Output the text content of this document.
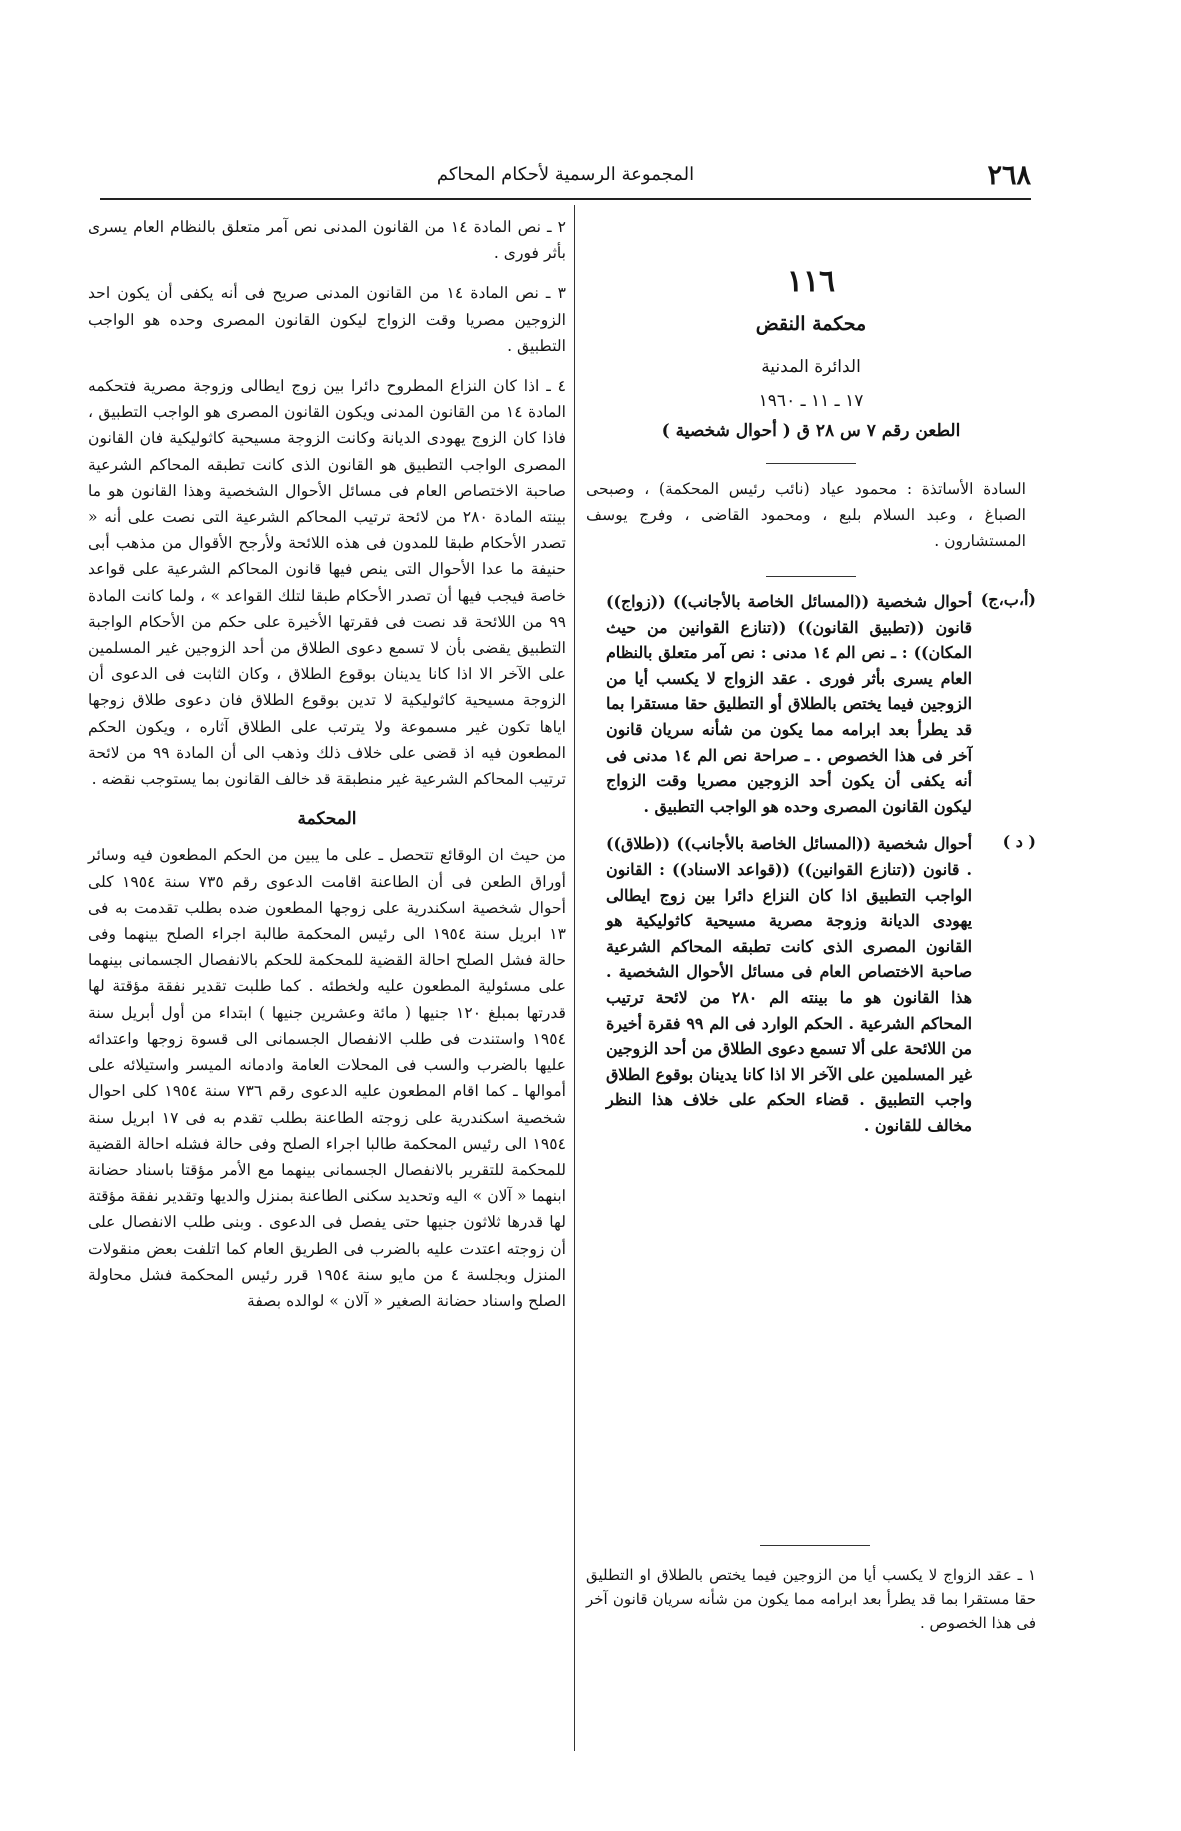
٢٦٨
المجموعة الرسمية لأحكام المحاكم
١١٦
محكمة النقض
الدائرة المدنية
١٧ ـ ١١ ـ ١٩٦٠
الطعن رقم ٧ س ٢٨ ق ( أحوال شخصية )
السادة الأساتذة : محمود عياد (نائب رئيس المحكمة) ، وصبحى الصباغ ، وعبد السلام بلبع ، ومحمود القاضى ، وفرج يوسف المستشارون .
(أ،ب،ج)
أحوال شخصية ((المسائل الخاصة بالأجانب)) ((زواج)) قانون ((تطبيق القانون)) ((تنازع القوانين من حيث المكان)) : ـ نص الم ١٤ مدنى : نص آمر متعلق بالنظام العام يسرى بأثر فورى . عقد الزواج لا يكسب أيا من الزوجين فيما يختص بالطلاق أو التطليق حقا مستقرا بما قد يطرأ بعد ابرامه مما يكون من شأنه سريان قانون آخر فى هذا الخصوص . ـ صراحة نص الم ١٤ مدنى فى أنه يكفى أن يكون أحد الزوجين مصريا وقت الزواج ليكون القانون المصرى وحده هو الواجب التطبيق .
( د )
أحوال شخصية ((المسائل الخاصة بالأجانب)) ((طلاق)) . قانون ((تنازع القوانين)) ((قواعد الاسناد)) : القانون الواجب التطبيق اذا كان النزاع دائرا بين زوج ايطالى يهودى الديانة وزوجة مصرية مسيحية كاثوليكية هو القانون المصرى الذى كانت تطبقه المحاكم الشرعية صاحبة الاختصاص العام فى مسائل الأحوال الشخصية . هذا القانون هو ما بينته الم ٢٨٠ من لائحة ترتيب المحاكم الشرعية . الحكم الوارد فى الم ٩٩ فقرة أخيرة من اللائحة على ألا تسمع دعوى الطلاق من أحد الزوجين غير المسلمين على الآخر الا اذا كانا يدينان بوقوع الطلاق واجب التطبيق . قضاء الحكم على خلاف هذا النظر مخالف للقانون .
١ ـ عقد الزواج لا يكسب أيا من الزوجين فيما يختص بالطلاق او التطليق حقا مستقرا بما قد يطرأ بعد ابرامه مما يكون من شأنه سريان قانون آخر فى هذا الخصوص .

٢ ـ نص المادة ١٤ من القانون المدنى نص آمر متعلق بالنظام العام يسرى بأثر فورى .

٣ ـ نص المادة ١٤ من القانون المدنى صريح فى أنه يكفى أن يكون احد الزوجين مصريا وقت الزواج ليكون القانون المصرى وحده هو الواجب التطبيق .

٤ ـ اذا كان النزاع المطروح دائرا بين زوج ايطالى وزوجة مصرية فتحكمه المادة ١٤ من القانون المدنى ويكون القانون المصرى هو الواجب التطبيق ، فاذا كان الزوج يهودى الديانة وكانت الزوجة مسيحية كاثوليكية فان القانون المصرى الواجب التطبيق هو القانون الذى كانت تطبقه المحاكم الشرعية صاحبة الاختصاص العام فى مسائل الأحوال الشخصية وهذا القانون هو ما بينته المادة ٢٨٠ من لائحة ترتيب المحاكم الشرعية التى نصت على أنه « تصدر الأحكام طبقا للمدون فى هذه اللائحة ولأرجح الأقوال من مذهب أبى حنيفة ما عدا الأحوال التى ينص فيها قانون المحاكم الشرعية على قواعد خاصة فيجب فيها أن تصدر الأحكام طبقا لتلك القواعد » ، ولما كانت المادة ٩٩ من اللائحة قد نصت فى فقرتها الأخيرة على حكم من الأحكام الواجبة التطبيق يقضى بأن لا تسمع دعوى الطلاق من أحد الزوجين غير المسلمين على الآخر الا اذا كانا يدينان بوقوع الطلاق ، وكان الثابت فى الدعوى أن الزوجة مسيحية كاثوليكية لا تدين بوقوع الطلاق فان دعوى طلاق زوجها اياها تكون غير مسموعة ولا يترتب على الطلاق آثاره ، ويكون الحكم المطعون فيه اذ قضى على خلاف ذلك وذهب الى أن المادة ٩٩ من لائحة ترتيب المحاكم الشرعية غير منطبقة قد خالف القانون بما يستوجب نقضه .

المحكمة

من حيث ان الوقائع تتحصل ـ على ما يبين من الحكم المطعون فيه وسائر أوراق الطعن فى أن الطاعنة اقامت الدعوى رقم ٧٣٥ سنة ١٩٥٤ كلى أحوال شخصية اسكندرية على زوجها المطعون ضده بطلب تقدمت به فى ١٣ ابريل سنة ١٩٥٤ الى رئيس المحكمة طالبة اجراء الصلح بينهما وفى حالة فشل الصلح احالة القضية للمحكمة للحكم بالانفصال الجسمانى بينهما على مسئولية المطعون عليه ولخطئه . كما طلبت تقدير نفقة مؤقتة لها قدرتها بمبلغ ١٢٠ جنيها ( مائة وعشرين جنيها ) ابتداء من أول أبريل سنة ١٩٥٤ واستندت فى طلب الانفصال الجسمانى الى قسوة زوجها واعتدائه عليها بالضرب والسب فى المحلات العامة وادمانه الميسر واستيلائه على أموالها ـ كما اقام المطعون عليه الدعوى رقم ٧٣٦ سنة ١٩٥٤ كلى احوال شخصية اسكندرية على زوجته الطاعنة بطلب تقدم به فى ١٧ ابريل سنة ١٩٥٤ الى رئيس المحكمة طالبا اجراء الصلح وفى حالة فشله احالة القضية للمحكمة للتقرير بالانفصال الجسمانى بينهما مع الأمر مؤقتا باسناد حضانة ابنهما « آلان » اليه وتحديد سكنى الطاعنة بمنزل والديها وتقدير نفقة مؤقتة لها قدرها ثلاثون جنيها حتى يفصل فى الدعوى . وبنى طلب الانفصال على أن زوجته اعتدت عليه بالضرب فى الطريق العام كما اتلفت بعض منقولات المنزل وبجلسة ٤ من مايو سنة ١٩٥٤ قرر رئيس المحكمة فشل محاولة الصلح واسناد حضانة الصغير « آلان » لوالده بصفة
